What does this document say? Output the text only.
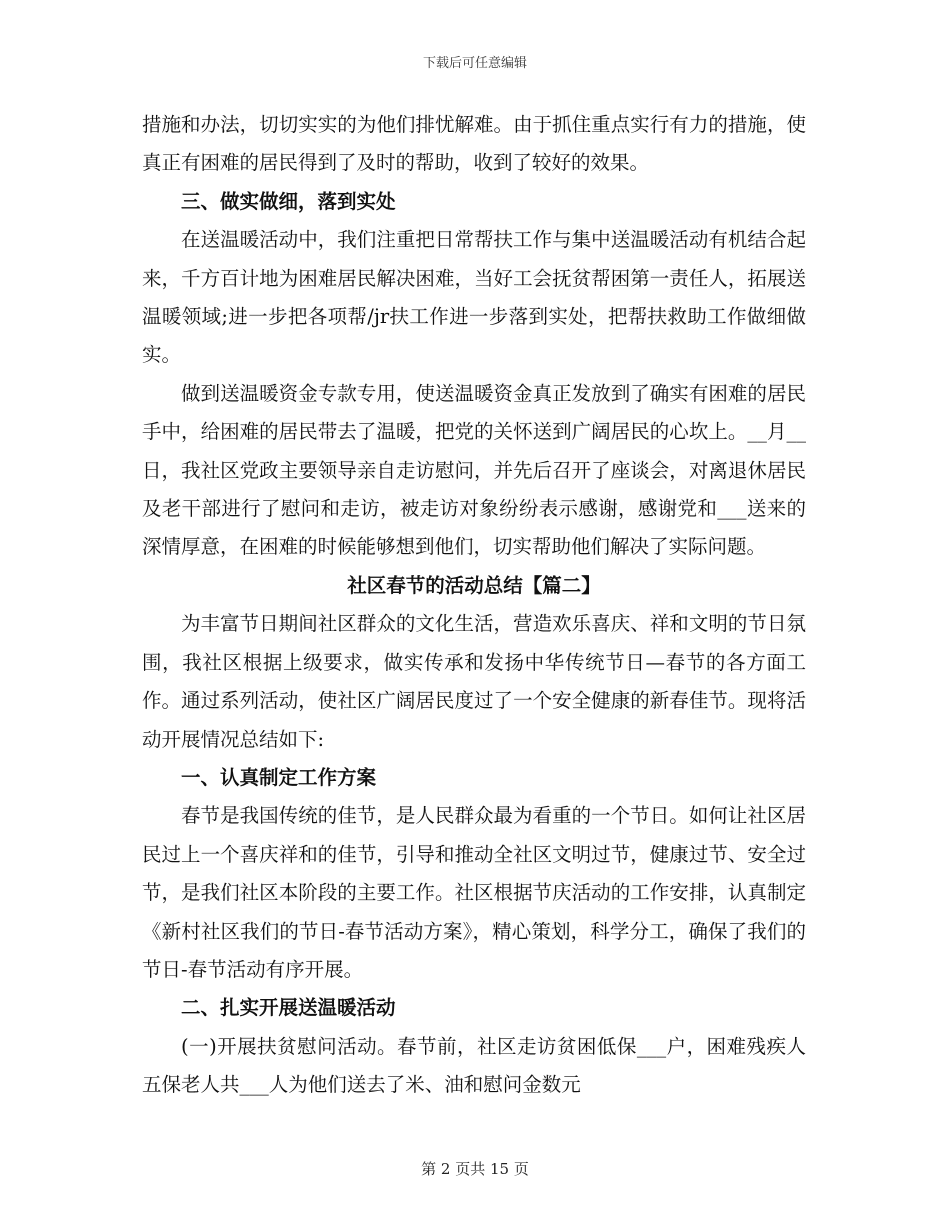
下载后可任意编辑

措施和办法，切切实实的为他们排忧解难。由于抓住重点实行有力的措施，使真正有困难的居民得到了及时的帮助，收到了较好的效果。

三、做实做细，落到实处

在送温暖活动中，我们注重把日常帮扶工作与集中送温暖活动有机结合起来，千方百计地为困难居民解决困难，当好工会抚贫帮困第一责任人，拓展送温暖领域;进一步把各项帮/jr扶工作进一步落到实处，把帮扶救助工作做细做实。

做到送温暖资金专款专用，使送温暖资金真正发放到了确实有困难的居民手中，给困难的居民带去了温暖，把党的关怀送到广阔居民的心坎上。__月__日，我社区党政主要领导亲自走访慰问，并先后召开了座谈会，对离退休居民及老干部进行了慰问和走访，被走访对象纷纷表示感谢，感谢党和___送来的深情厚意，在困难的时候能够想到他们，切实帮助他们解决了实际问题。

社区春节的活动总结【篇二】

为丰富节日期间社区群众的文化生活，营造欢乐喜庆、祥和文明的节日氛围，我社区根据上级要求，做实传承和发扬中华传统节日—春节的各方面工作。通过系列活动，使社区广阔居民度过了一个安全健康的新春佳节。现将活动开展情况总结如下:

一、认真制定工作方案

春节是我国传统的佳节，是人民群众最为看重的一个节日。如何让社区居民过上一个喜庆祥和的佳节，引导和推动全社区文明过节，健康过节、安全过节，是我们社区本阶段的主要工作。社区根据节庆活动的工作安排，认真制定《新村社区我们的节日-春节活动方案》，精心策划，科学分工，确保了我们的节日-春节活动有序开展。

二、扎实开展送温暖活动

(一)开展扶贫慰问活动。春节前，社区走访贫困低保___户，困难残疾人五保老人共___人为他们送去了米、油和慰问金数元

第 2 页共 15 页
